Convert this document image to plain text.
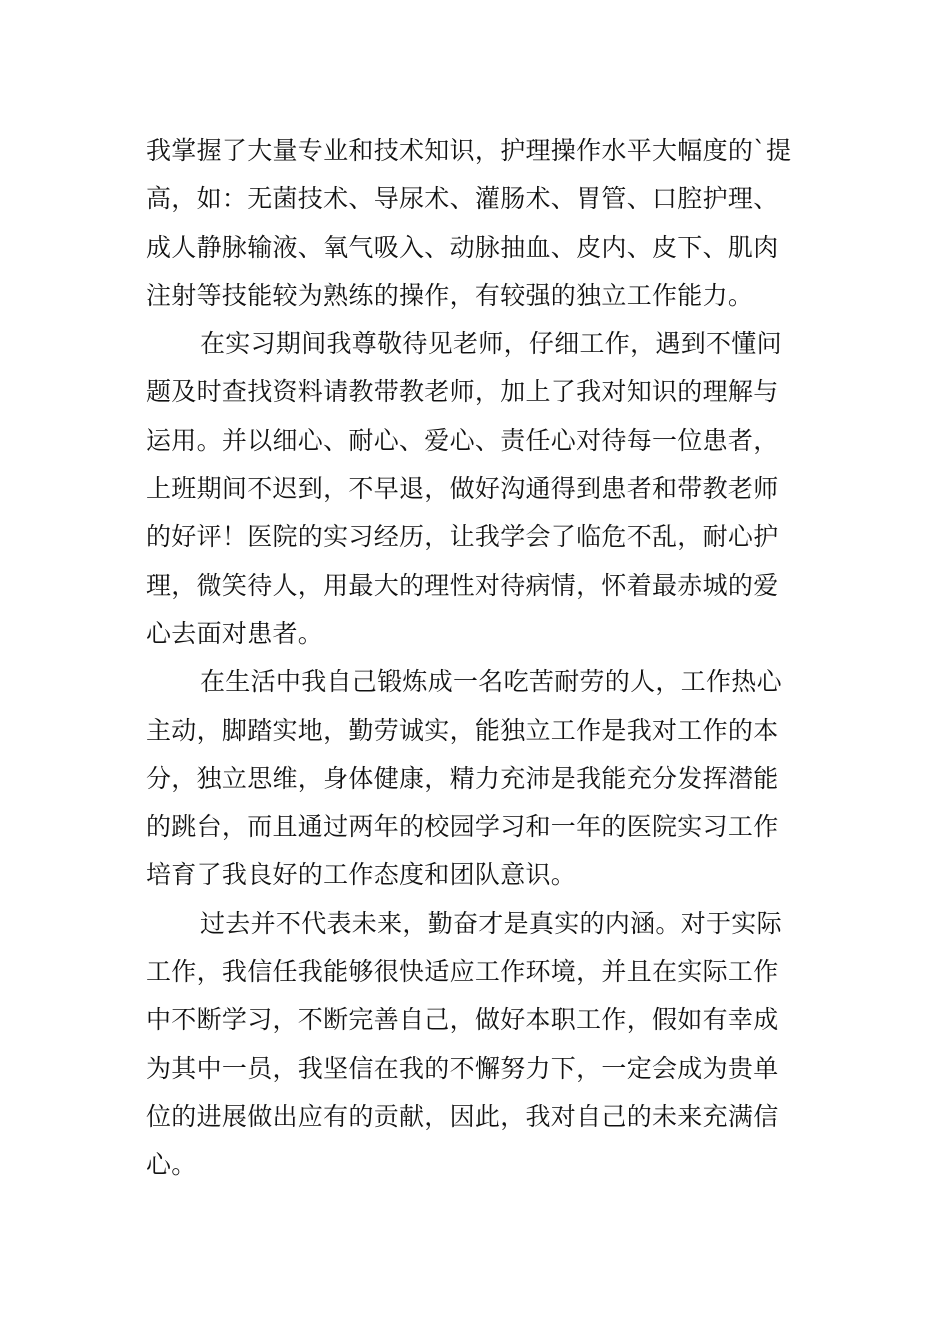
我掌握了大量专业和技术知识，护理操作水平大幅度的`提
高，如：无菌技术、导尿术、灌肠术、胃管、口腔护理、
成人静脉输液、氧气吸入、动脉抽血、皮内、皮下、肌肉
注射等技能较为熟练的操作，有较强的独立工作能力。
在实习期间我尊敬待见老师，仔细工作，遇到不懂问
题及时查找资料请教带教老师，加上了我对知识的理解与
运用。并以细心、耐心、爱心、责任心对待每一位患者，
上班期间不迟到，不早退，做好沟通得到患者和带教老师
的好评！医院的实习经历，让我学会了临危不乱，耐心护
理，微笑待人，用最大的理性对待病情，怀着最赤城的爱
心去面对患者。
在生活中我自己锻炼成一名吃苦耐劳的人，工作热心
主动，脚踏实地，勤劳诚实，能独立工作是我对工作的本
分，独立思维，身体健康，精力充沛是我能充分发挥潜能
的跳台，而且通过两年的校园学习和一年的医院实习工作
培育了我良好的工作态度和团队意识。
过去并不代表未来，勤奋才是真实的内涵。对于实际
工作，我信任我能够很快适应工作环境，并且在实际工作
中不断学习，不断完善自己，做好本职工作，假如有幸成
为其中一员，我坚信在我的不懈努力下，一定会成为贵单
位的进展做出应有的贡献，因此，我对自己的未来充满信
心。
